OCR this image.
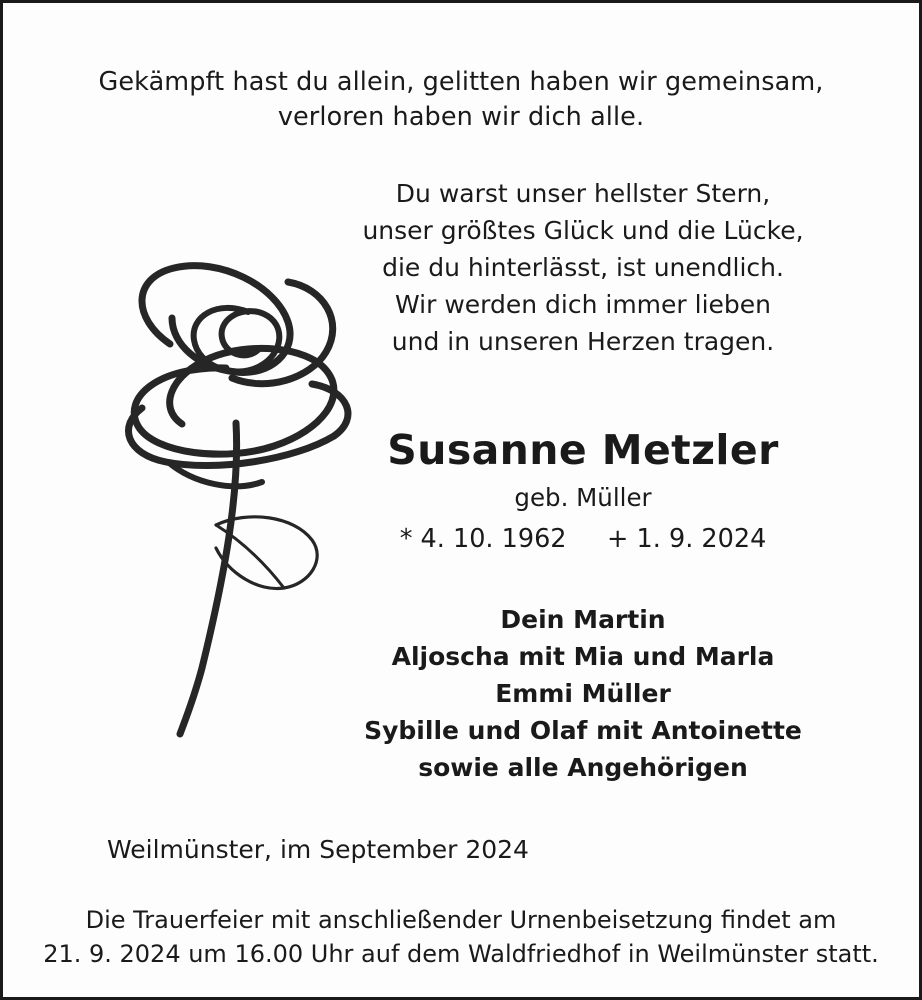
Gekämpft hast du allein, gelitten haben wir gemeinsam,
verloren haben wir dich alle.
Du warst unser hellster Stern,
unser größtes Glück und die Lücke,
die du hinterlässt, ist unendlich.
Wir werden dich immer lieben
und in unseren Herzen tragen.
Susanne Metzler
geb. Müller
* 4. 10. 1962     + 1. 9. 2024
Dein Martin
Aljoscha mit Mia und Marla
Emmi Müller
Sybille und Olaf mit Antoinette
sowie alle Angehörigen
Weilmünster, im September 2024
Die Trauerfeier mit anschließender Urnenbeisetzung findet am
21. 9. 2024 um 16.00 Uhr auf dem Waldfriedhof in Weilmünster statt.
